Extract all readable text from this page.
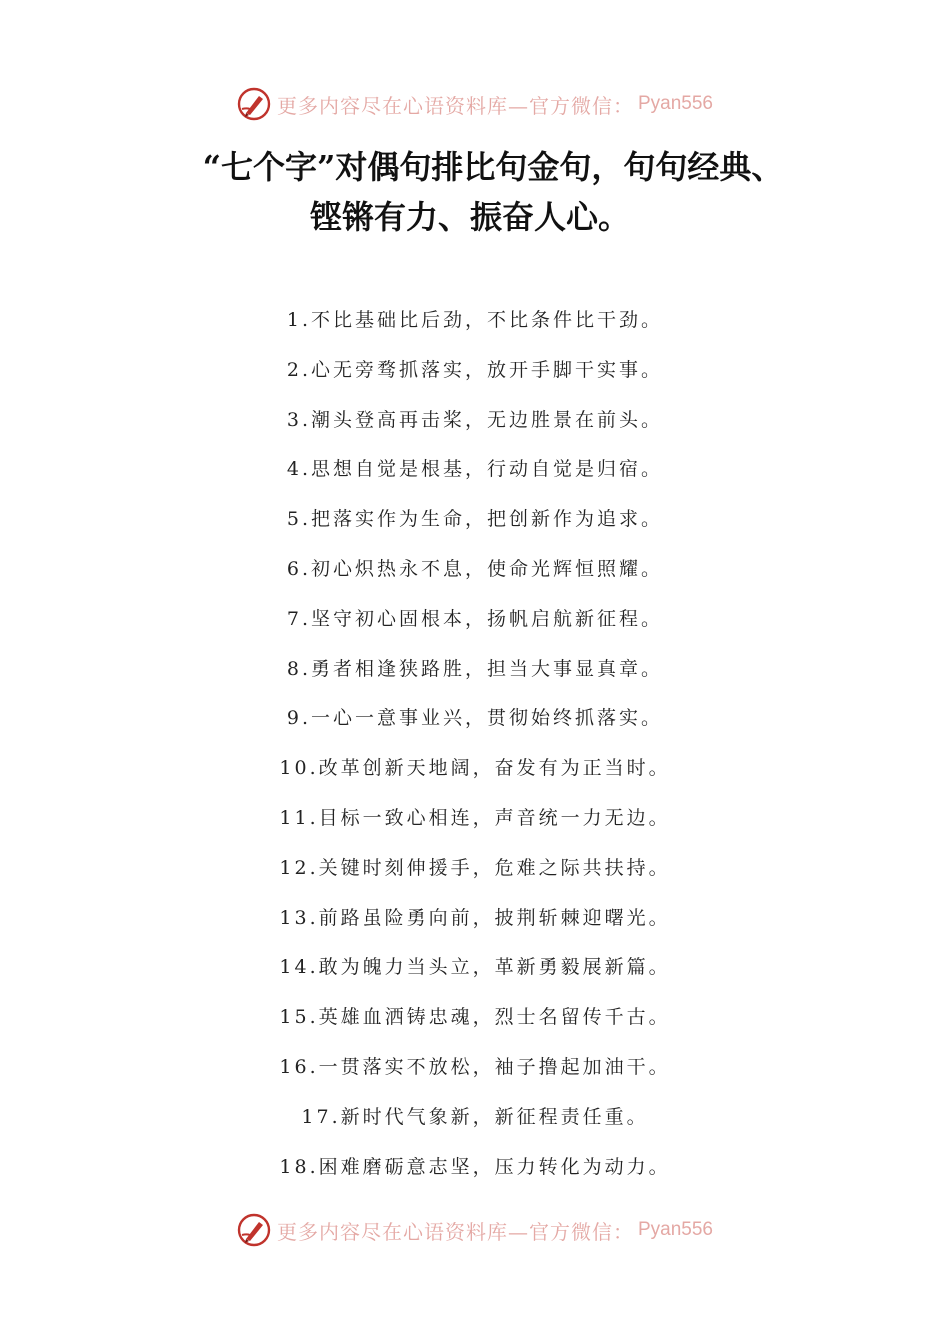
更多内容尽在心语资料库—官方微信： Pyan556
“七个字”对偶句排比句金句，句句经典、
铿锵有力、振奋人心。
1.不比基础比后劲，不比条件比干劲。
2.心无旁骛抓落实，放开手脚干实事。
3.潮头登高再击桨，无边胜景在前头。
4.思想自觉是根基，行动自觉是归宿。
5.把落实作为生命，把创新作为追求。
6.初心炽热永不息，使命光辉恒照耀。
7.坚守初心固根本，扬帆启航新征程。
8.勇者相逢狭路胜，担当大事显真章。
9.一心一意事业兴，贯彻始终抓落实。
10.改革创新天地阔，奋发有为正当时。
11.目标一致心相连，声音统一力无边。
12.关键时刻伸援手，危难之际共扶持。
13.前路虽险勇向前，披荆斩棘迎曙光。
14.敢为魄力当头立，革新勇毅展新篇。
15.英雄血洒铸忠魂，烈士名留传千古。
16.一贯落实不放松，袖子撸起加油干。
17.新时代气象新，新征程责任重。
18.困难磨砺意志坚，压力转化为动力。
更多内容尽在心语资料库—官方微信： Pyan556
